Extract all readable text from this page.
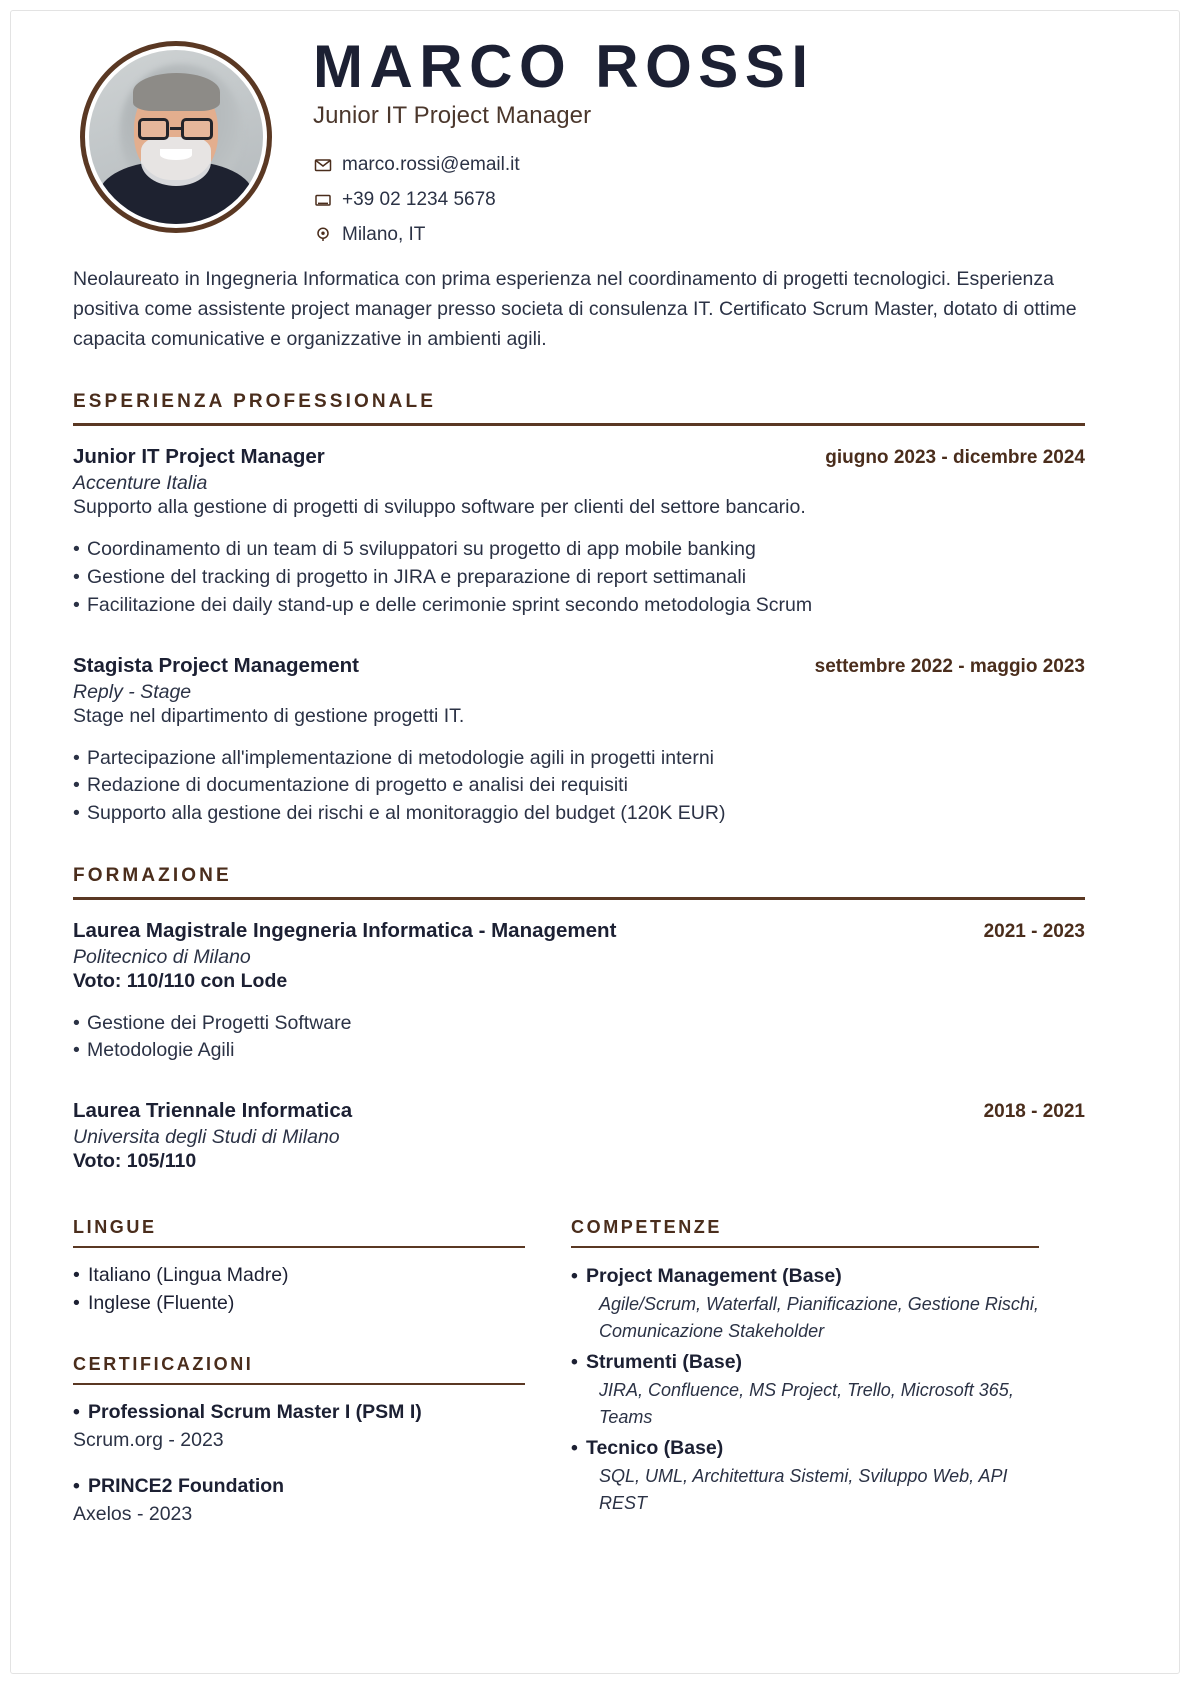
MARCO ROSSI
Junior IT Project Manager
marco.rossi@email.it
+39 02 1234 5678
Milano, IT
Neolaureato in Ingegneria Informatica con prima esperienza nel coordinamento di progetti tecnologici. Esperienza positiva come assistente project manager presso societa di consulenza IT. Certificato Scrum Master, dotato di ottime capacita comunicative e organizzative in ambienti agili.
ESPERIENZA PROFESSIONALE
Junior IT Project Manager	giugno 2023 - dicembre 2024
Accenture Italia
Supporto alla gestione di progetti di sviluppo software per clienti del settore bancario.
• Coordinamento di un team di 5 sviluppatori su progetto di app mobile banking
• Gestione del tracking di progetto in JIRA e preparazione di report settimanali
• Facilitazione dei daily stand-up e delle cerimonie sprint secondo metodologia Scrum
Stagista Project Management	settembre 2022 - maggio 2023
Reply - Stage
Stage nel dipartimento di gestione progetti IT.
• Partecipazione all'implementazione di metodologie agili in progetti interni
• Redazione di documentazione di progetto e analisi dei requisiti
• Supporto alla gestione dei rischi e al monitoraggio del budget (120K EUR)
FORMAZIONE
Laurea Magistrale Ingegneria Informatica - Management	2021 - 2023
Politecnico di Milano
Voto: 110/110 con Lode
• Gestione dei Progetti Software
• Metodologie Agili
Laurea Triennale Informatica	2018 - 2021
Universita degli Studi di Milano
Voto: 105/110
LINGUE
• Italiano (Lingua Madre)
• Inglese (Fluente)
CERTIFICAZIONI
• Professional Scrum Master I (PSM I)
Scrum.org - 2023
• PRINCE2 Foundation
Axelos - 2023
COMPETENZE
• Project Management (Base)
Agile/Scrum, Waterfall, Pianificazione, Gestione Rischi, Comunicazione Stakeholder
• Strumenti (Base)
JIRA, Confluence, MS Project, Trello, Microsoft 365, Teams
• Tecnico (Base)
SQL, UML, Architettura Sistemi, Sviluppo Web, API REST
